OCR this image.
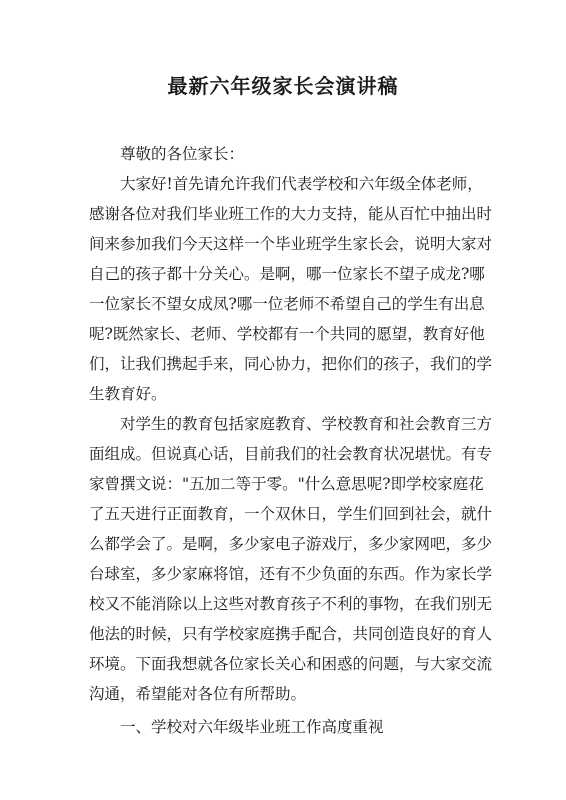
最新六年级家长会演讲稿
尊敬的各位家长：
大家好!首先请允许我们代表学校和六年级全体老师，
感谢各位对我们毕业班工作的大力支持，能从百忙中抽出时
间来参加我们今天这样一个毕业班学生家长会，说明大家对
自己的孩子都十分关心。是啊，哪一位家长不望子成龙?哪
一位家长不望女成凤?哪一位老师不希望自己的学生有出息
呢?既然家长、老师、学校都有一个共同的愿望，教育好他
们，让我们携起手来，同心协力，把你们的孩子，我们的学
生教育好。
对学生的教育包括家庭教育、学校教育和社会教育三方
面组成。但说真心话，目前我们的社会教育状况堪忧。有专
家曾撰文说："五加二等于零。"什么意思呢?即学校家庭花
了五天进行正面教育，一个双休日，学生们回到社会，就什
么都学会了。是啊，多少家电子游戏厅，多少家网吧，多少
台球室，多少家麻将馆，还有不少负面的东西。作为家长学
校又不能消除以上这些对教育孩子不利的事物，在我们别无
他法的时候，只有学校家庭携手配合，共同创造良好的育人
环境。下面我想就各位家长关心和困惑的问题，与大家交流
沟通，希望能对各位有所帮助。
一、学校对六年级毕业班工作高度重视
